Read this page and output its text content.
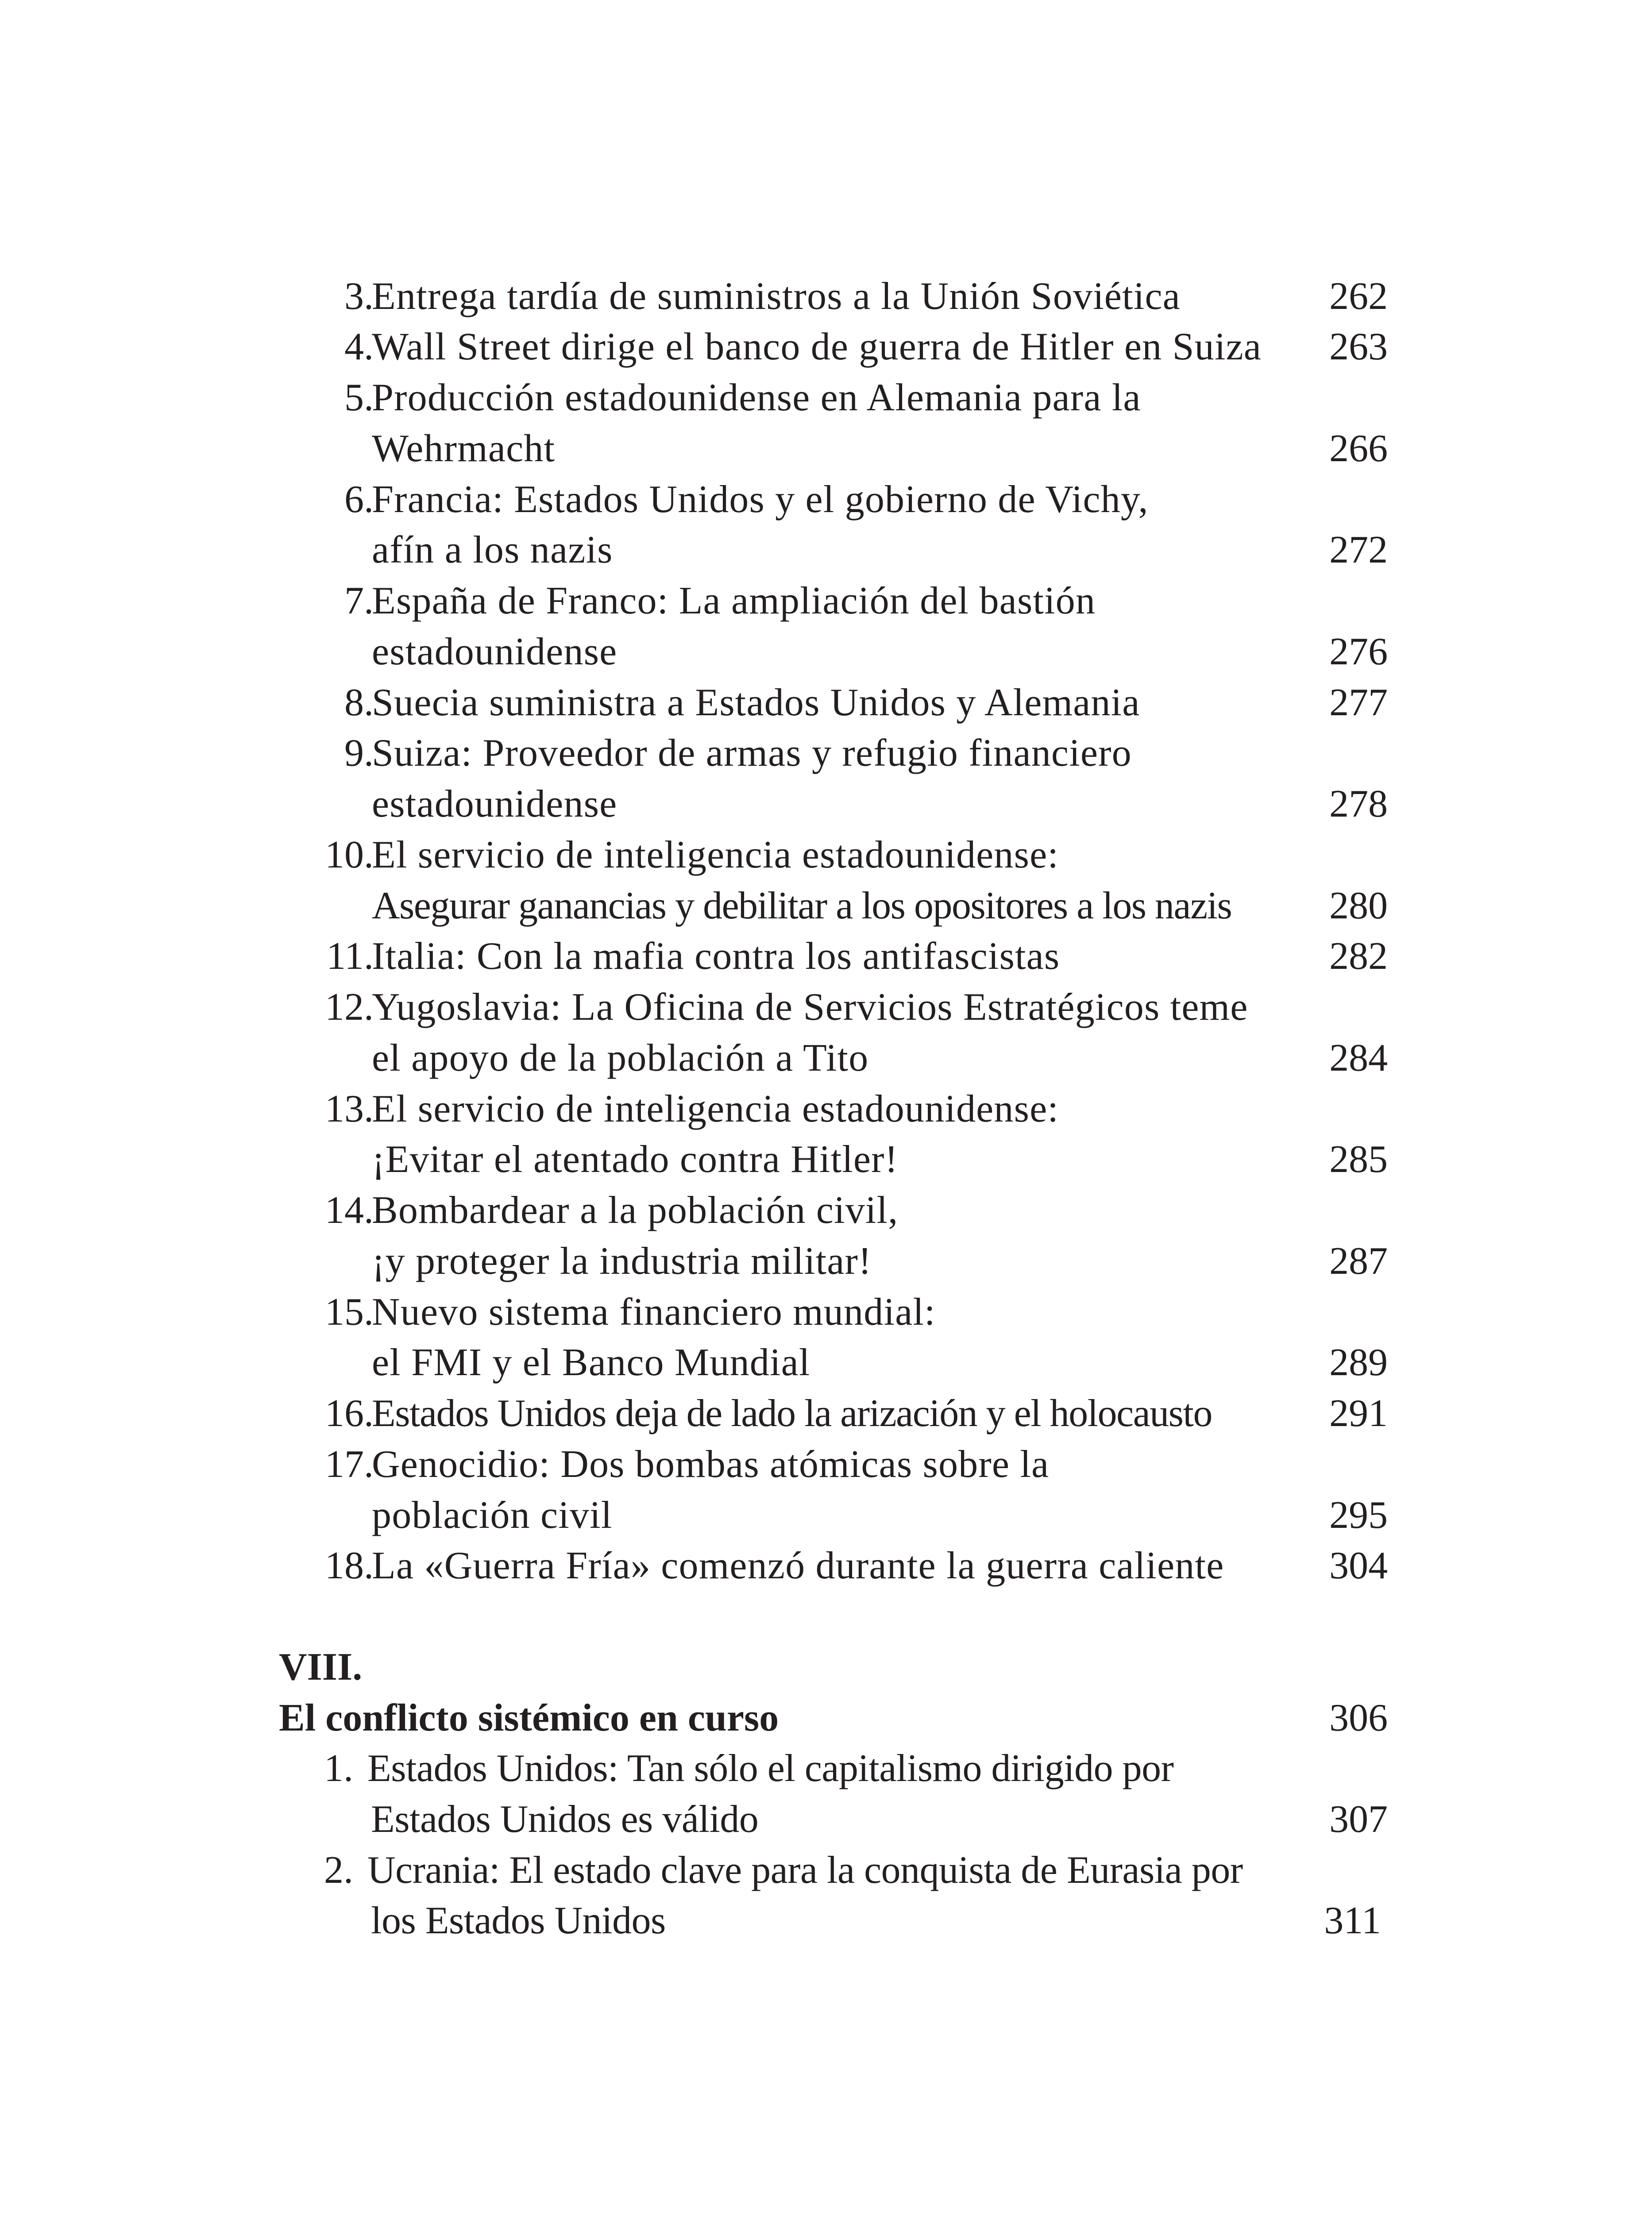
3.
Entrega tardía de suministros a la Unión Soviética	262
4.
Wall Street dirige el banco de guerra de Hitler en Suiza 263
5.
Producción estadounidense en Alemania para la
Wehrmacht	266
6.
Francia: Estados Unidos y el gobierno de Vichy,
afín a los nazis	272
7.
España de Franco: La ampliación del bastión
estadounidense	276
8.
Suecia suministra a Estados Unidos y Alemania	277
9.
Suiza: Proveedor de armas y refugio financiero
estadounidense	278
10.
El servicio de inteligencia estadounidense:
Asegurar ganancias y debilitar a los opositores a los nazis	280
11.
Italia: Con la mafia contra los antifascistas	282
12.
Yugoslavia: La Oficina de Servicios Estratégicos teme
el apoyo de la población a Tito	284
13.
El servicio de inteligencia estadounidense:
¡Evitar el atentado contra Hitler!	285
14.
Bombardear a la población civil,
¡y proteger la industria militar!	287
15.
Nuevo sistema financiero mundial:
el FMI y el Banco Mundial	289
16.
Estados Unidos deja de lado la arización y el holocausto	291
17.
Genocidio: Dos bombas atómicas sobre la
población civil	295
18.
La «Guerra Fría» comenzó durante la guerra caliente	304
VIII.
El conflicto sistémico en curso	306
1. Estados Unidos: Tan sólo el capitalismo dirigido por
Estados Unidos es válido	307
2. Ucrania: El estado clave para la conquista de Eurasia por
los Estados Unidos	311
